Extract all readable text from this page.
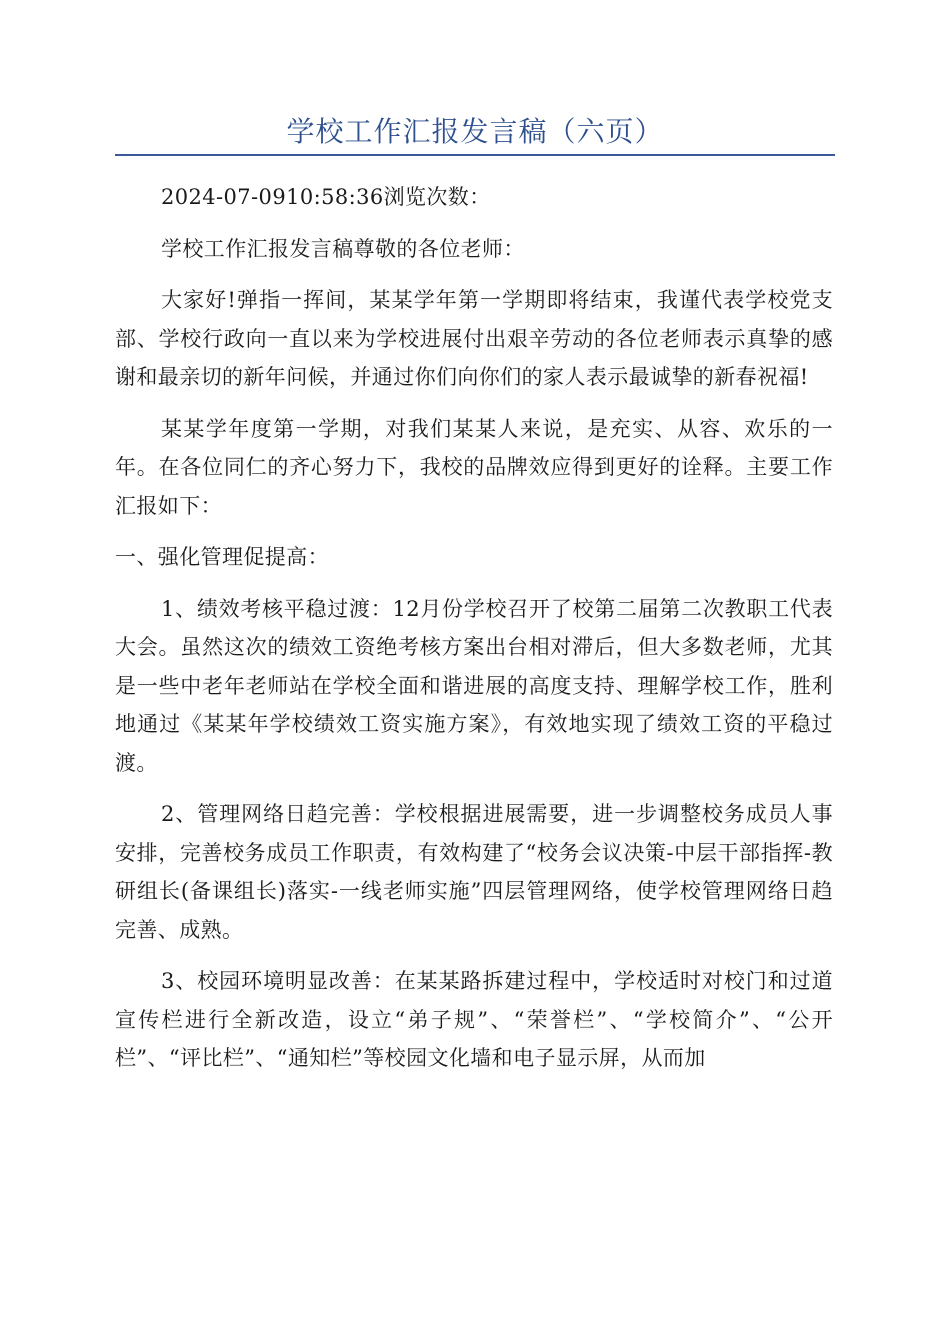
学校工作汇报发言稿（六页）

2024-07-0910:58:36浏览次数：

学校工作汇报发言稿尊敬的各位老师：

大家好!弹指一挥间，某某学年第一学期即将结束，我谨代表学校党支部、学校行政向一直以来为学校进展付出艰辛劳动的各位老师表示真挚的感谢和最亲切的新年问候，并通过你们向你们的家人表示最诚挚的新春祝福!

某某学年度第一学期，对我们某某人来说，是充实、从容、欢乐的一年。在各位同仁的齐心努力下，我校的品牌效应得到更好的诠释。主要工作汇报如下：

一、强化管理促提高：

1、绩效考核平稳过渡：12月份学校召开了校第二届第二次教职工代表大会。虽然这次的绩效工资绝考核方案出台相对滞后，但大多数老师，尤其是一些中老年老师站在学校全面和谐进展的高度支持、理解学校工作，胜利地通过《某某年学校绩效工资实施方案》，有效地实现了绩效工资的平稳过渡。

2、管理网络日趋完善：学校根据进展需要，进一步调整校务成员人事安排，完善校务成员工作职责，有效构建了“校务会议决策-中层干部指挥-教研组长(备课组长)落实-一线老师实施”四层管理网络，使学校管理网络日趋完善、成熟。

3、校园环境明显改善：在某某路拆建过程中，学校适时对校门和过道宣传栏进行全新改造，设立“弟子规”、“荣誉栏”、“学校简介”、“公开栏”、“评比栏”、“通知栏”等校园文化墙和电子显示屏，从而加
